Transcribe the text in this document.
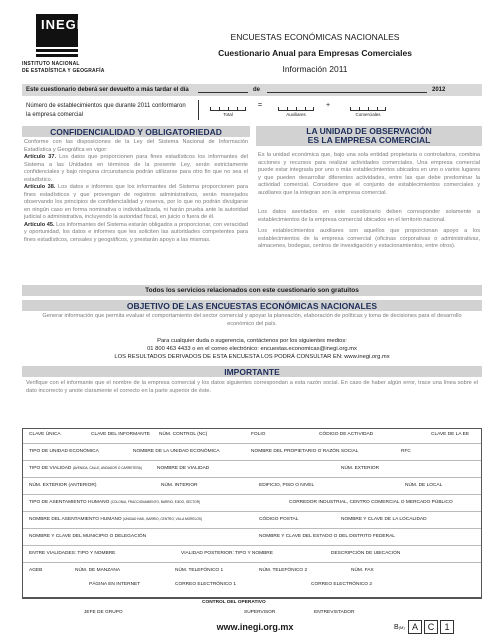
INEGI
INSTITUTO NACIONAL
DE ESTADÍSTICA Y GEOGRAFÍA
ENCUESTAS ECONÓMICAS NACIONALES
Cuestionario Anual para Empresas Comerciales
Información 2011
Este cuestionario deberá ser devuelto a más tardar el día	de	2012
Número de establecimientos que durante 2011 conformaron la empresa comercial	Total
=
Auxiliares
+
Comerciales
CONFIDENCIALIDAD Y OBLIGATORIEDAD
Conforme con las disposiciones de la Ley del Sistema Nacional de Información Estadística y Geográfica en vigor:
Artículo 37. Los datos que proporcionen para fines estadísticos los informantes del Sistema a las Unidades en términos de la presente Ley, serán estrictamente confidenciales y bajo ninguna circunstancia podrán utilizarse para otro fin que no sea el estadístico.
Artículo 38. Los datos e informes que los informantes del Sistema proporcionen para fines estadísticos y que provengan de registros administrativos, serán manejados observando los principios de confidencialidad y reserva, por lo que no podrán divulgarse en ningún caso en forma nominativa o individualizada, ni harán prueba ante la autoridad judicial o administrativa, incluyendo la autoridad fiscal, en juicio o fuera de él.
Artículo 45. Los informantes del Sistema estarán obligados a proporcionar, con veracidad y oportunidad, los datos e informes que les soliciten las autoridades competentes para fines estadísticos, censales y geográficos, y prestarán apoyo a las mismas.
LA UNIDAD DE OBSERVACIÓN
ES LA EMPRESA COMERCIAL
Es la unidad económica que, bajo una sola entidad propietaria o controladora, combina acciones y recursos para realizar actividades comerciales. Una empresa comercial puede estar integrada por uno o más establecimientos ubicados en uno o varios lugares y que pueden desarrollar diferentes actividades, entre las que debe predominar la actividad comercial. Considere que el conjunto de establecimientos comerciales y auxiliares que la integran son la empresa comercial.
Los datos asentados en este cuestionario deben corresponder solamente a establecimientos de la empresa comercial ubicados en el territorio nacional.
Los establecimientos auxiliares son aquellos que proporcionan apoyo a los establecimientos de la empresa comercial (oficinas corporativas o administrativas, almacenes, bodegas, centros de investigación y estacionamientos, entre otros).
Todos los servicios relacionados con este cuestionario son gratuitos
OBJETIVO DE LAS ENCUESTAS ECONÓMICAS NACIONALES
Generar información que permita evaluar el comportamiento del sector comercial y apoyar la planeación, elaboración de políticas y toma de decisiones para el desarrollo económico del país.
Para cualquier duda o sugerencia, contáctenos por los siguientes medios:
01 800 463 4433 o en el correo electrónico: encuestas.economicas@inegi.org.mx
LOS RESULTADOS DERIVADOS DE ESTA ENCUESTA LOS PODRÁ CONSULTAR EN: www.inegi.org.mx
IMPORTANTE
Verifique con el informante que el nombre de la empresa comercial y los datos siguientes correspondan a esta razón social. En caso de haber algún error, trace una línea sobre el dato incorrecto y anote claramente el correcto en la parte superior de éste.
CLAVE ÚNICA	CLAVE DEL INFORMANTE NÚM. CONTROL (NC)	FOLIO	CÓDIGO DE ACTIVIDAD	CLAVE DE LA EE
TIPO DE UNIDAD ECONÓMICA	NOMBRE DE LA UNIDAD ECONÓMICA	NOMBRE DEL PROPIETARIO O RAZÓN SOCIAL	RFC
TIPO DE VIALIDAD (AVENIDA, CALLE, ANDADOR O CARRETERA)	NOMBRE DE VIALIDAD	NÚM. EXTERIOR
NÚM. EXTERIOR (ANTERIOR)	NÚM. INTERIOR	EDIFICIO, PISO O NIVEL	NÚM. DE LOCAL
TIPO DE ASENTAMIENTO HUMANO (COLONIA, FRACCIONAMIENTO, BARRIO, EJIDO, SECTOR)	CORREDOR INDUSTRIAL, CENTRO COMERCIAL O MERCADO PÚBLICO
NOMBRE DEL ASENTAMIENTO HUMANO (UNIDAD HAB., BARRIO, CENTRO, VILLA MORELOS)	CÓDIGO POSTAL	NOMBRE Y CLAVE DE LA LOCALIDAD
NOMBRE Y CLAVE DEL MUNICIPIO O DELEGACIÓN	NOMBRE Y CLAVE DEL ESTADO O DEL DISTRITO FEDERAL
ENTRE VIALIDADES: TIPO Y NOMBRE	VIALIDAD POSTERIOR: TIPO Y NOMBRE	DESCRIPCIÓN DE UBICACIÓN
AGEB	NÚM. DE MANZANA	NÚM. TELEFÓNICO 1	NÚM. TELEFÓNICO 2	NÚM. FAX
PÁGINA EN INTERNET	CORREO ELECTRÓNICO 1	CORREO ELECTRÓNICO 2
CONTROL DEL OPERATIVO
www.inegi.org.mx	B(M) A	C	1
JEFE DE GRUPO	SUPERVISOR	ENTREVISTADOR
